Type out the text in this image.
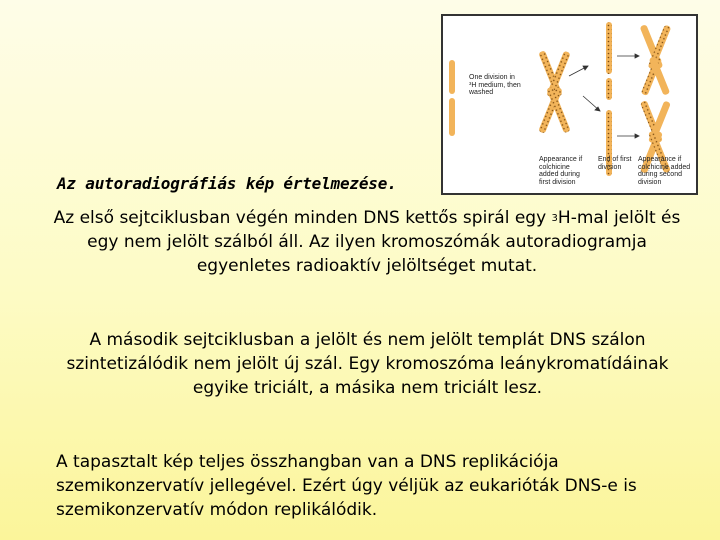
One division in ³H medium, then washed
Appearance if colchicine added during first division
End of first division
Appearance if colchicine added during second division
Az autoradiográfiás kép értelmezése.
Az első sejtciklusban végén minden DNS kettős spirál egy $^3$H-mal jelölt és egy nem jelölt szálból áll. Az ilyen kromoszómák autoradiogramja egyenletes radioaktív jelöltséget mutat.
A második sejtciklusban a jelölt és nem jelölt templát DNS szálon szintetizálódik nem jelölt új szál. Egy kromoszóma leánykromatídáinak egyike triciált, a másika nem triciált lesz.
A tapasztalt kép teljes összhangban van a DNS replikációja szemikonzervatív jellegével. Ezért úgy véljük az eukarióták DNS-e is szemikonzervatív módon replikálódik.
